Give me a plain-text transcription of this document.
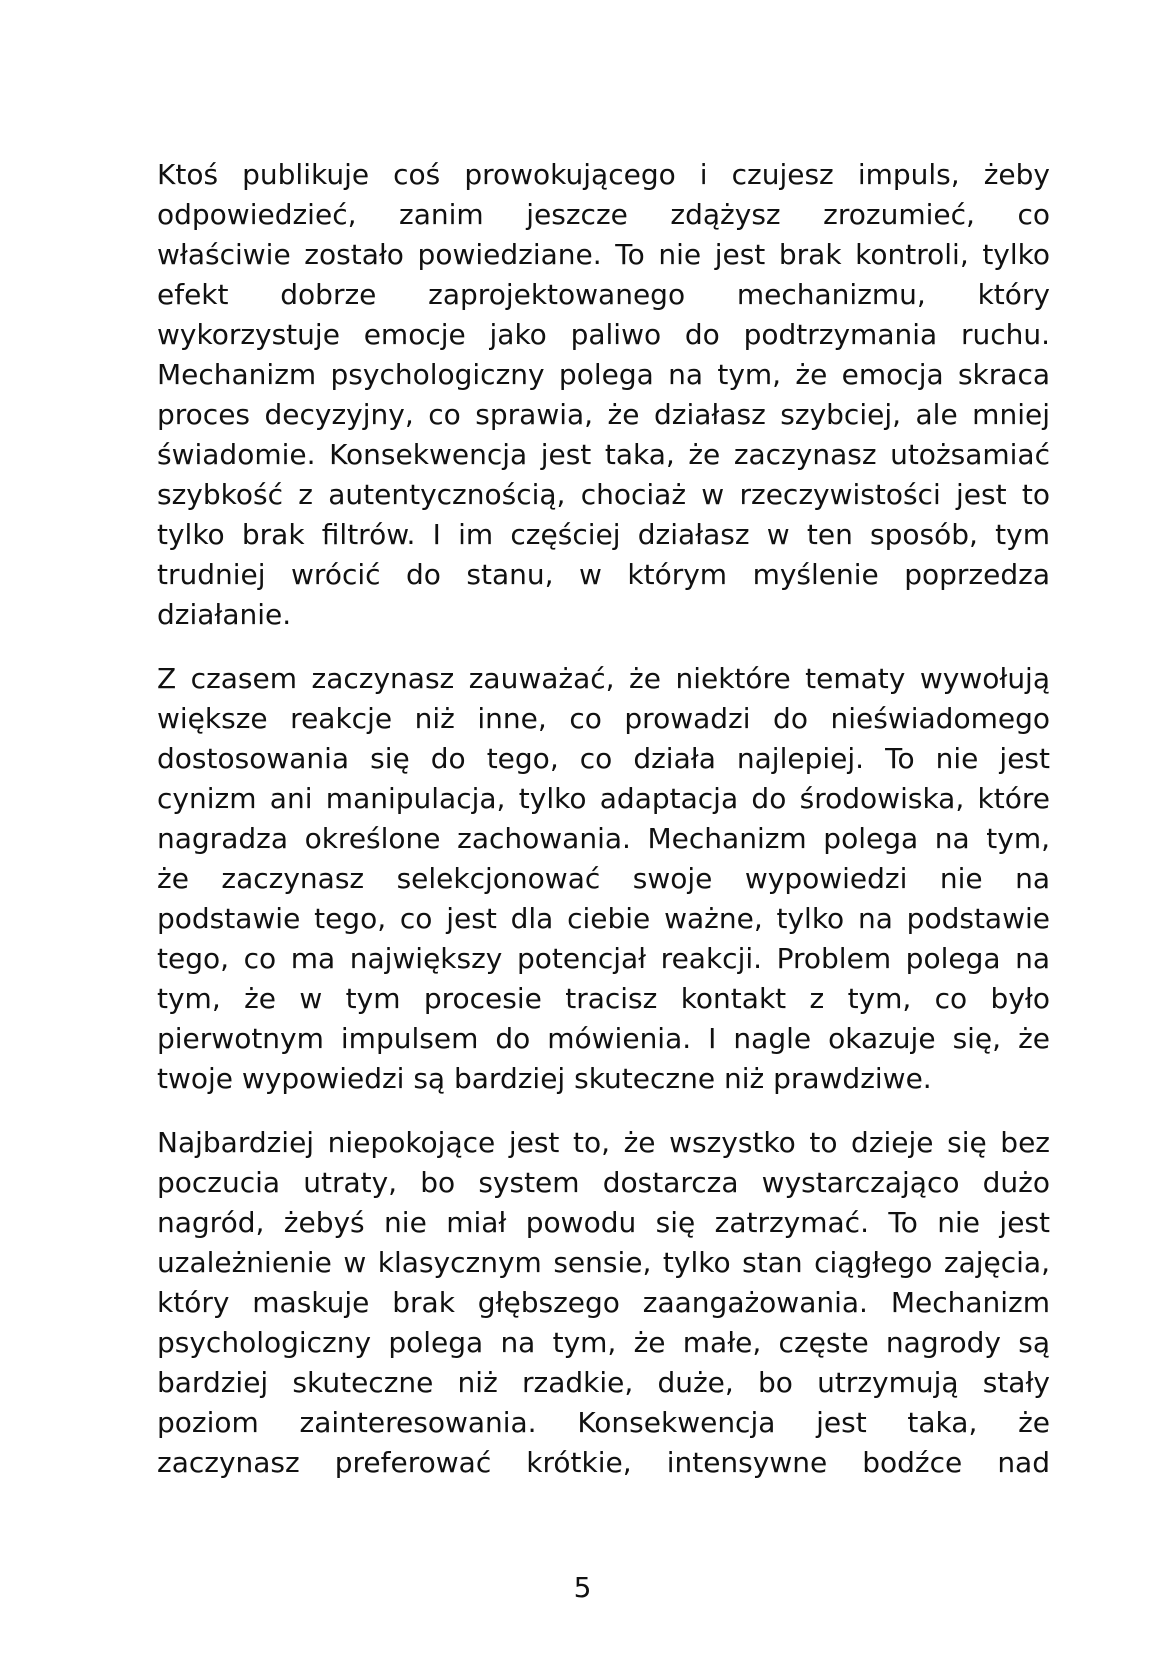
Ktoś publikuje coś prowokującego i czujesz impuls, żeby
odpowiedzieć, zanim jeszcze zdążysz zrozumieć, co
właściwie zostało powiedziane. To nie jest brak kontroli, tylko
efekt dobrze zaprojektowanego mechanizmu, który
wykorzystuje emocje jako paliwo do podtrzymania ruchu.
Mechanizm psychologiczny polega na tym, że emocja skraca
proces decyzyjny, co sprawia, że działasz szybciej, ale mniej
świadomie. Konsekwencja jest taka, że zaczynasz utożsamiać
szybkość z autentycznością, chociaż w rzeczywistości jest to
tylko brak filtrów. I im częściej działasz w ten sposób, tym
trudniej wrócić do stanu, w którym myślenie poprzedza
działanie.

Z czasem zaczynasz zauważać, że niektóre tematy wywołują
większe reakcje niż inne, co prowadzi do nieświadomego
dostosowania się do tego, co działa najlepiej. To nie jest
cynizm ani manipulacja, tylko adaptacja do środowiska, które
nagradza określone zachowania. Mechanizm polega na tym,
że zaczynasz selekcjonować swoje wypowiedzi nie na
podstawie tego, co jest dla ciebie ważne, tylko na podstawie
tego, co ma największy potencjał reakcji. Problem polega na
tym, że w tym procesie tracisz kontakt z tym, co było
pierwotnym impulsem do mówienia. I nagle okazuje się, że
twoje wypowiedzi są bardziej skuteczne niż prawdziwe.

Najbardziej niepokojące jest to, że wszystko to dzieje się bez
poczucia utraty, bo system dostarcza wystarczająco dużo
nagród, żebyś nie miał powodu się zatrzymać. To nie jest
uzależnienie w klasycznym sensie, tylko stan ciągłego zajęcia,
który maskuje brak głębszego zaangażowania. Mechanizm
psychologiczny polega na tym, że małe, częste nagrody są
bardziej skuteczne niż rzadkie, duże, bo utrzymują stały
poziom zainteresowania. Konsekwencja jest taka, że
zaczynasz preferować krótkie, intensywne bodźce nad

5
